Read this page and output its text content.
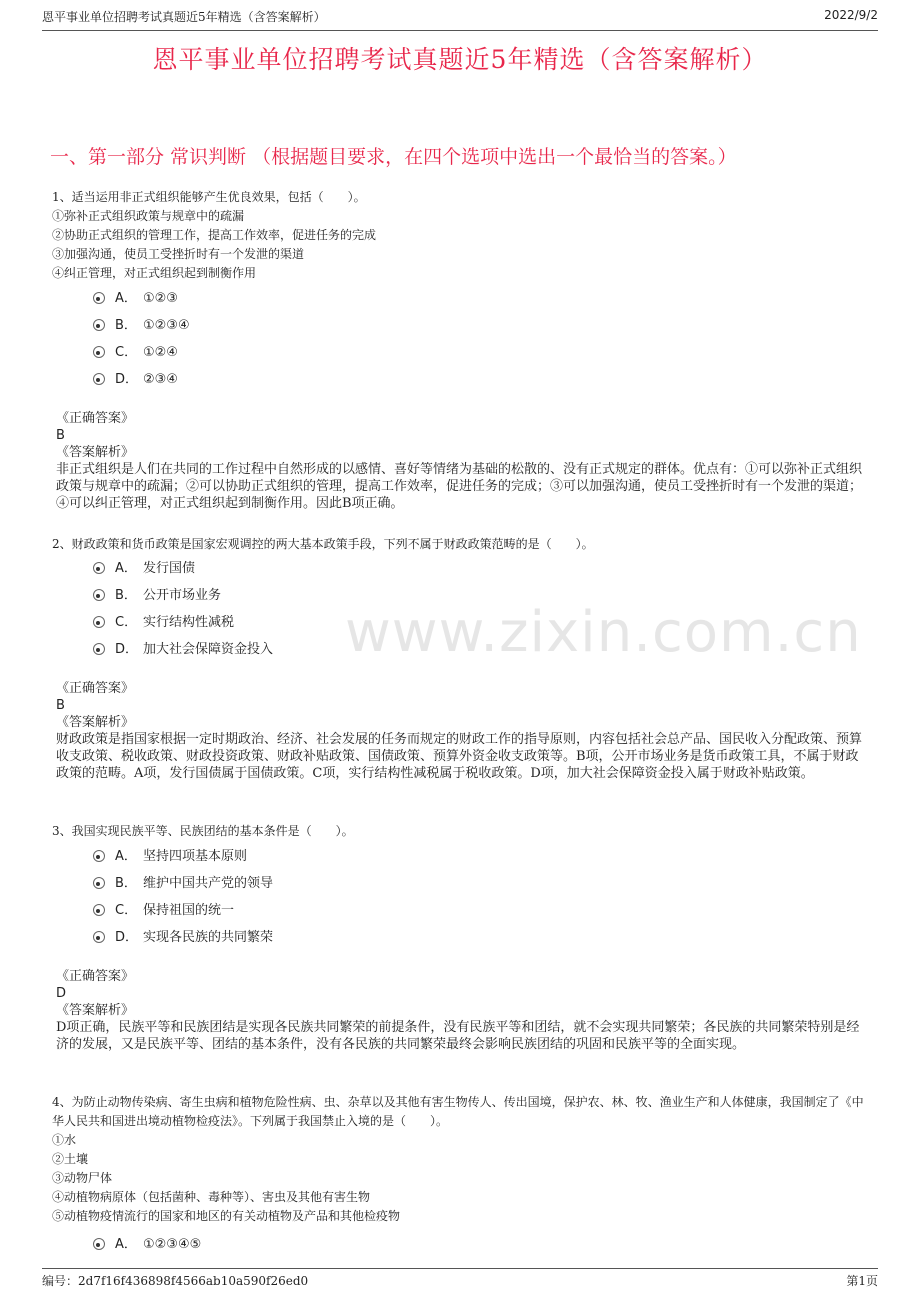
恩平事业单位招聘考试真题近5年精选（含答案解析）	2022/9/2
恩平事业单位招聘考试真题近5年精选（含答案解析）
一、第一部分 常识判断 （根据题目要求，在四个选项中选出一个最恰当的答案。）
www.zixin.com.cn

1、适当运用非正式组织能够产生优良效果，包括（　　）。

①弥补正式组织政策与规章中的疏漏

②协助正式组织的管理工作，提高工作效率，促进任务的完成

③加强沟通，使员工受挫折时有一个发泄的渠道

④纠正管理，对正式组织起到制衡作用

A． ①②③
B． ①②③④
C． ①②④
D． ②③④

《正确答案》

B

《答案解析》

非正式组织是人们在共同的工作过程中自然形成的以感情、喜好等情绪为基础的松散的、没有正式规定的群体。优点有：①可以弥补正式组织政策与规章中的疏漏；②可以协助正式组织的管理，提高工作效率，促进任务的完成；③可以加强沟通，使员工受挫折时有一个发泄的渠道；④可以纠正管理，对正式组织起到制衡作用。因此B项正确。

2、财政政策和货币政策是国家宏观调控的两大基本政策手段，下列不属于财政政策范畴的是（　　）。

A． 发行国债
B． 公开市场业务
C． 实行结构性减税
D． 加大社会保障资金投入

《正确答案》

B

《答案解析》

财政政策是指国家根据一定时期政治、经济、社会发展的任务而规定的财政工作的指导原则，内容包括社会总产品、国民收入分配政策、预算收支政策、税收政策、财政投资政策、财政补贴政策、国债政策、预算外资金收支政策等。B项，公开市场业务是货币政策工具，不属于财政政策的范畴。A项，发行国债属于国债政策。C项，实行结构性减税属于税收政策。D项，加大社会保障资金投入属于财政补贴政策。

3、我国实现民族平等、民族团结的基本条件是（　　）。

A． 坚持四项基本原则
B． 维护中国共产党的领导
C． 保持祖国的统一
D． 实现各民族的共同繁荣

《正确答案》

D

《答案解析》

D项正确，民族平等和民族团结是实现各民族共同繁荣的前提条件，没有民族平等和团结，就不会实现共同繁荣；各民族的共同繁荣特别是经济的发展，又是民族平等、团结的基本条件，没有各民族的共同繁荣最终会影响民族团结的巩固和民族平等的全面实现。

4、为防止动物传染病、寄生虫病和植物危险性病、虫、杂草以及其他有害生物传人、传出国境，保护农、林、牧、渔业生产和人体健康，我国制定了《中华人民共和国进出境动植物检疫法》。下列属于我国禁止入境的是（　　）。

①水

②土壤

③动物尸体

④动植物病原体（包括菌种、毒种等）、害虫及其他有害生物

⑤动植物疫情流行的国家和地区的有关动植物及产品和其他检疫物

A． ①②③④⑤
编号：2d7f16f436898f4566ab10a590f26ed0	第1页
